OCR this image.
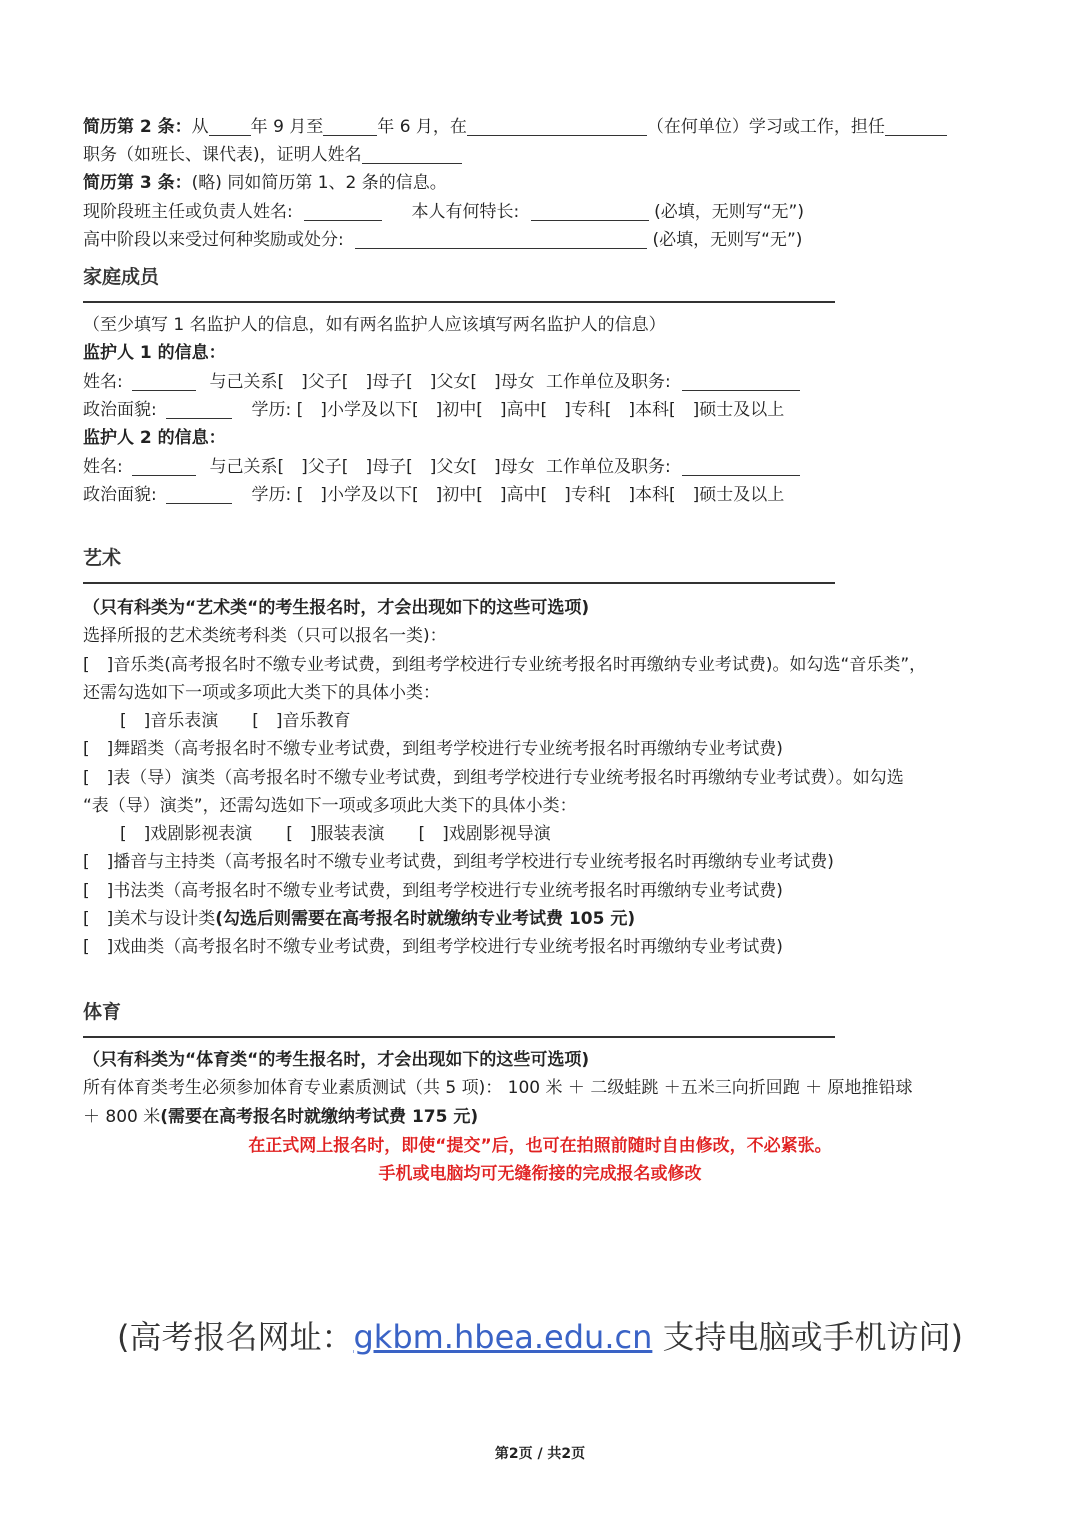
简历第 2 条：从 年 9 月至	年 6 月，在	（在何单位）学习或工作，担任
职务（如班长、课代表)，证明人姓名
简历第 3 条：(略) 同如简历第 1、2 条的信息。
现阶段班主任或负责人姓名:	本人有何特长:	(必填，无则写“无”)
高中阶段以来受过何种奖励或处分:	(必填，无则写“无”)
家庭成员
（至少填写 1 名监护人的信息，如有两名监护人应该填写两名监护人的信息）
监护人 1 的信息：
姓名:	与己关系[　]父子[　]母子[　]父女[　]母女 工作单位及职务:
政治面貌:	学历: [　]小学及以下[　]初中[　]高中[　]专科[　]本科[　]硕士及以上
监护人 2 的信息：
姓名:	与己关系[　]父子[　]母子[　]父女[　]母女 工作单位及职务:
政治面貌:	学历: [　]小学及以下[　]初中[　]高中[　]专科[　]本科[　]硕士及以上
艺术
（只有科类为“艺术类“的考生报名时，才会出现如下的这些可选项)
选择所报的艺术类统考科类（只可以报名一类)：
[　]音乐类(高考报名时不缴专业考试费，到组考学校进行专业统考报名时再缴纳专业考试费)。如勾选“音乐类”，
还需勾选如下一项或多项此大类下的具体小类：
[　]音乐表演　　[　]音乐教育
[　]舞蹈类（高考报名时不缴专业考试费，到组考学校进行专业统考报名时再缴纳专业考试费)
[　]表（导）演类（高考报名时不缴专业考试费，到组考学校进行专业统考报名时再缴纳专业考试费）。如勾选
“表（导）演类”，还需勾选如下一项或多项此大类下的具体小类：
[　]戏剧影视表演　　[　]服装表演　　[　]戏剧影视导演
[　]播音与主持类（高考报名时不缴专业考试费，到组考学校进行专业统考报名时再缴纳专业考试费)
[　]书法类（高考报名时不缴专业考试费，到组考学校进行专业统考报名时再缴纳专业考试费)
[　]美术与设计类(勾选后则需要在高考报名时就缴纳专业考试费 105 元)
[　]戏曲类（高考报名时不缴专业考试费，到组考学校进行专业统考报名时再缴纳专业考试费)
体育
（只有科类为“体育类“的考生报名时，才会出现如下的这些可选项)
所有体育类考生必须参加体育专业素质测试（共 5 项)： 100 米 ＋ 二级蛙跳 ＋五米三向折回跑 ＋ 原地推铅球
＋ 800 米(需要在高考报名时就缴纳考试费 175 元)
在正式网上报名时，即使“提交”后，也可在拍照前随时自由修改，不必紧张。
手机或电脑均可无缝衔接的完成报名或修改
(高考报名网址：gkbm.hbea.edu.cn 支持电脑或手机访问)
第2页 / 共2页
